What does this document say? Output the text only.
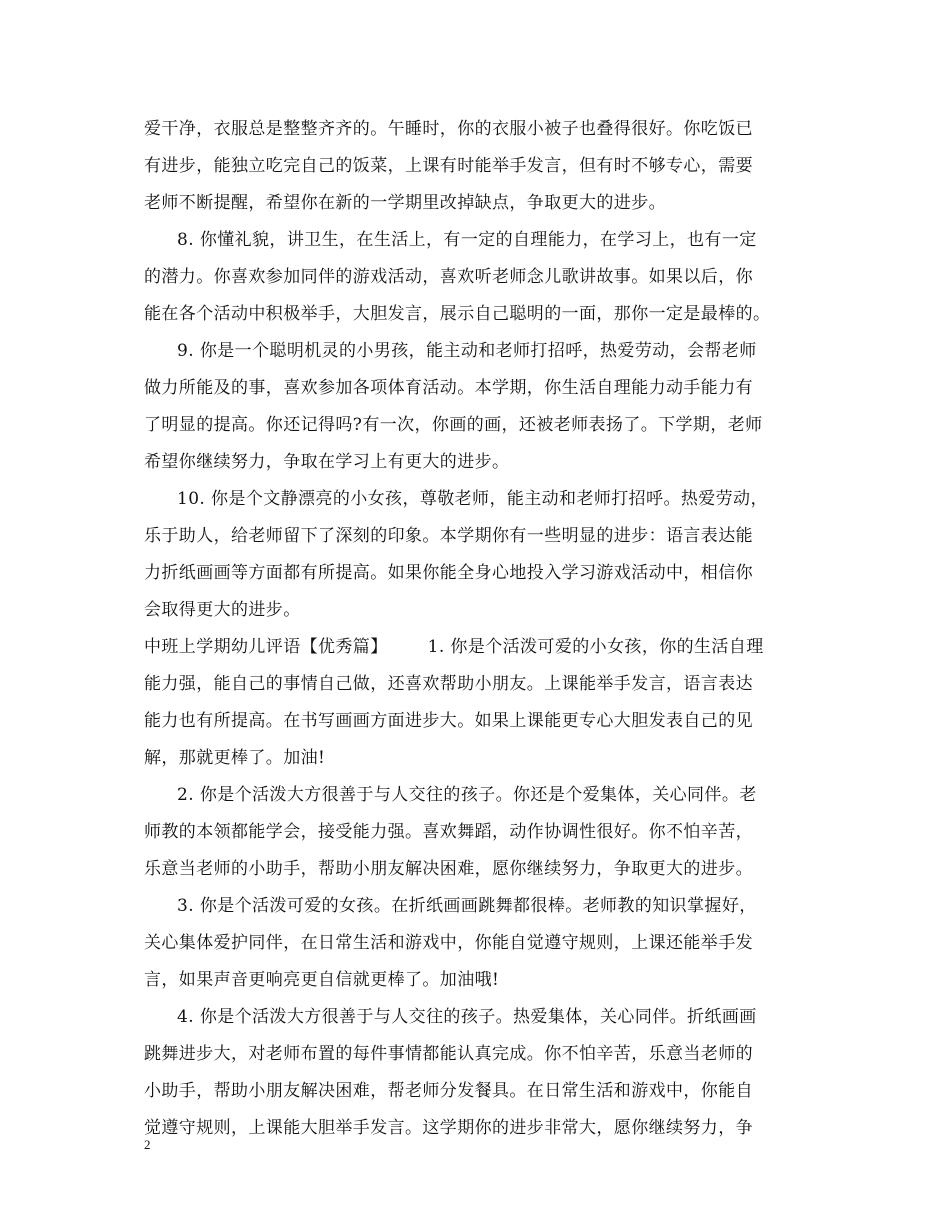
爱干净，衣服总是整整齐齐的。午睡时，你的衣服小被子也叠得很好。你吃饭已
有进步，能独立吃完自己的饭菜，上课有时能举手发言，但有时不够专心，需要
老师不断提醒，希望你在新的一学期里改掉缺点，争取更大的进步。
8. 你懂礼貌，讲卫生，在生活上，有一定的自理能力，在学习上，也有一定
的潜力。你喜欢参加同伴的游戏活动，喜欢听老师念儿歌讲故事。如果以后，你
能在各个活动中积极举手，大胆发言，展示自己聪明的一面，那你一定是最棒的。
9. 你是一个聪明机灵的小男孩，能主动和老师打招呼，热爱劳动，会帮老师
做力所能及的事，喜欢参加各项体育活动。本学期，你生活自理能力动手能力有
了明显的提高。你还记得吗?有一次，你画的画，还被老师表扬了。下学期，老师
希望你继续努力，争取在学习上有更大的进步。
10. 你是个文静漂亮的小女孩，尊敬老师，能主动和老师打招呼。热爱劳动，
乐于助人，给老师留下了深刻的印象。本学期你有一些明显的进步：语言表达能
力折纸画画等方面都有所提高。如果你能全身心地投入学习游戏活动中，相信你
会取得更大的进步。
中班上学期幼儿评语【优秀篇】 1. 你是个活泼可爱的小女孩，你的生活自理
能力强，能自己的事情自己做，还喜欢帮助小朋友。上课能举手发言，语言表达
能力也有所提高。在书写画画方面进步大。如果上课能更专心大胆发表自己的见
解，那就更棒了。加油!
2. 你是个活泼大方很善于与人交往的孩子。你还是个爱集体，关心同伴。老
师教的本领都能学会，接受能力强。喜欢舞蹈，动作协调性很好。你不怕辛苦，
乐意当老师的小助手，帮助小朋友解决困难，愿你继续努力，争取更大的进步。
3. 你是个活泼可爱的女孩。在折纸画画跳舞都很棒。老师教的知识掌握好，
关心集体爱护同伴，在日常生活和游戏中，你能自觉遵守规则，上课还能举手发
言，如果声音更响亮更自信就更棒了。加油哦!
4. 你是个活泼大方很善于与人交往的孩子。热爱集体，关心同伴。折纸画画
跳舞进步大，对老师布置的每件事情都能认真完成。你不怕辛苦，乐意当老师的
小助手，帮助小朋友解决困难，帮老师分发餐具。在日常生活和游戏中，你能自
觉遵守规则，上课能大胆举手发言。这学期你的进步非常大，愿你继续努力，争
2
